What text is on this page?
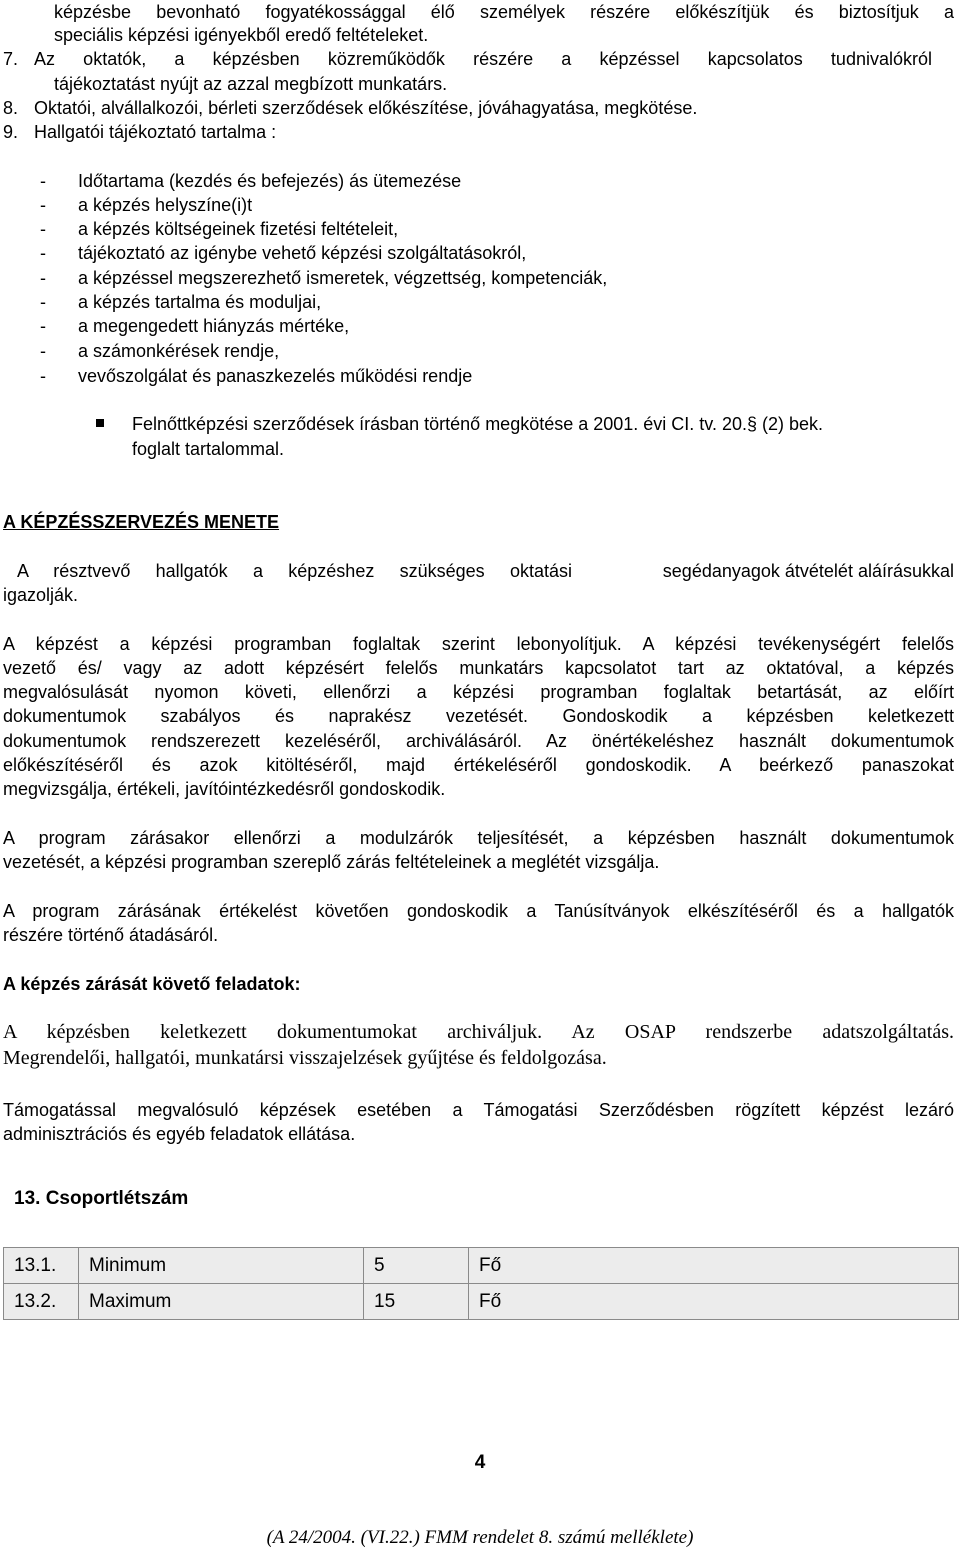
képzésbe bevonható fogyatékossággal élő személyek részére előkészítjük és biztosítjuk a
speciális képzési igényekből eredő feltételeket.
7. Az oktatók, a képzésben közreműködők részére a képzéssel kapcsolatos tudnivalókról
tájékoztatást nyújt az azzal megbízott munkatárs.
8. Oktatói, alvállalkozói, bérleti szerződések előkészítése, jóváhagyatása, megkötése.
9. Hallgatói tájékoztató tartalma :
- Időtartama (kezdés és befejezés) ás ütemezése
- a képzés helyszíne(i)t
- a képzés költségeinek fizetési feltételeit,
- tájékoztató az igénybe vehető képzési szolgáltatásokról,
- a képzéssel megszerezhető ismeretek, végzettség, kompetenciák,
- a képzés tartalma és moduljai,
- a megengedett hiányzás mértéke,
- a számonkérések rendje,
- vevőszolgálat és panaszkezelés működési rendje
Felnőttképzési szerződések írásban történő megkötése a 2001. évi CI. tv. 20.§ (2) bek.
foglalt tartalommal.
A KÉPZÉSSZERVEZÉS MENETE
A résztvevő hallgatók a képzéshez szükséges oktatási	segédanyagok átvételét aláírásukkal
igazolják.
A képzést a képzési programban foglaltak szerint lebonyolítjuk. A képzési tevékenységért felelős
vezető és/ vagy az adott képzésért felelős munkatárs kapcsolatot tart az oktatóval, a képzés
megvalósulását nyomon követi, ellenőrzi a képzési programban foglaltak betartását, az előírt
dokumentumok szabályos és naprakész vezetését. Gondoskodik a képzésben keletkezett
dokumentumok rendszerezett kezeléséről, archiválásáról. Az önértékeléshez használt dokumentumok
előkészítéséről és azok kitöltéséről, majd értékeléséről gondoskodik. A beérkező panaszokat
megvizsgálja, értékeli, javítóintézkedésről gondoskodik.
A program zárásakor ellenőrzi a modulzárók teljesítését, a képzésben használt dokumentumok
vezetését, a képzési programban szereplő zárás feltételeinek a meglétét vizsgálja.
A program zárásának értékelést követően gondoskodik a Tanúsítványok elkészítéséről és a hallgatók
részére történő átadásáról.
A képzés zárását követő feladatok:
A képzésben keletkezett dokumentumokat archiváljuk. Az OSAP rendszerbe adatszolgáltatás.
Megrendelői, hallgatói, munkatársi visszajelzések gyűjtése és feldolgozása.
Támogatással megvalósuló képzések esetében a Támogatási Szerződésben rögzített képzést lezáró
adminisztrációs és egyéb feladatok ellátása.
13. Csoportlétszám
13.1.	Minimum	5	Fő
13.2.	Maximum	15	Fő
4
(A 24/2004. (VI.22.) FMM rendelet 8. számú melléklete)
